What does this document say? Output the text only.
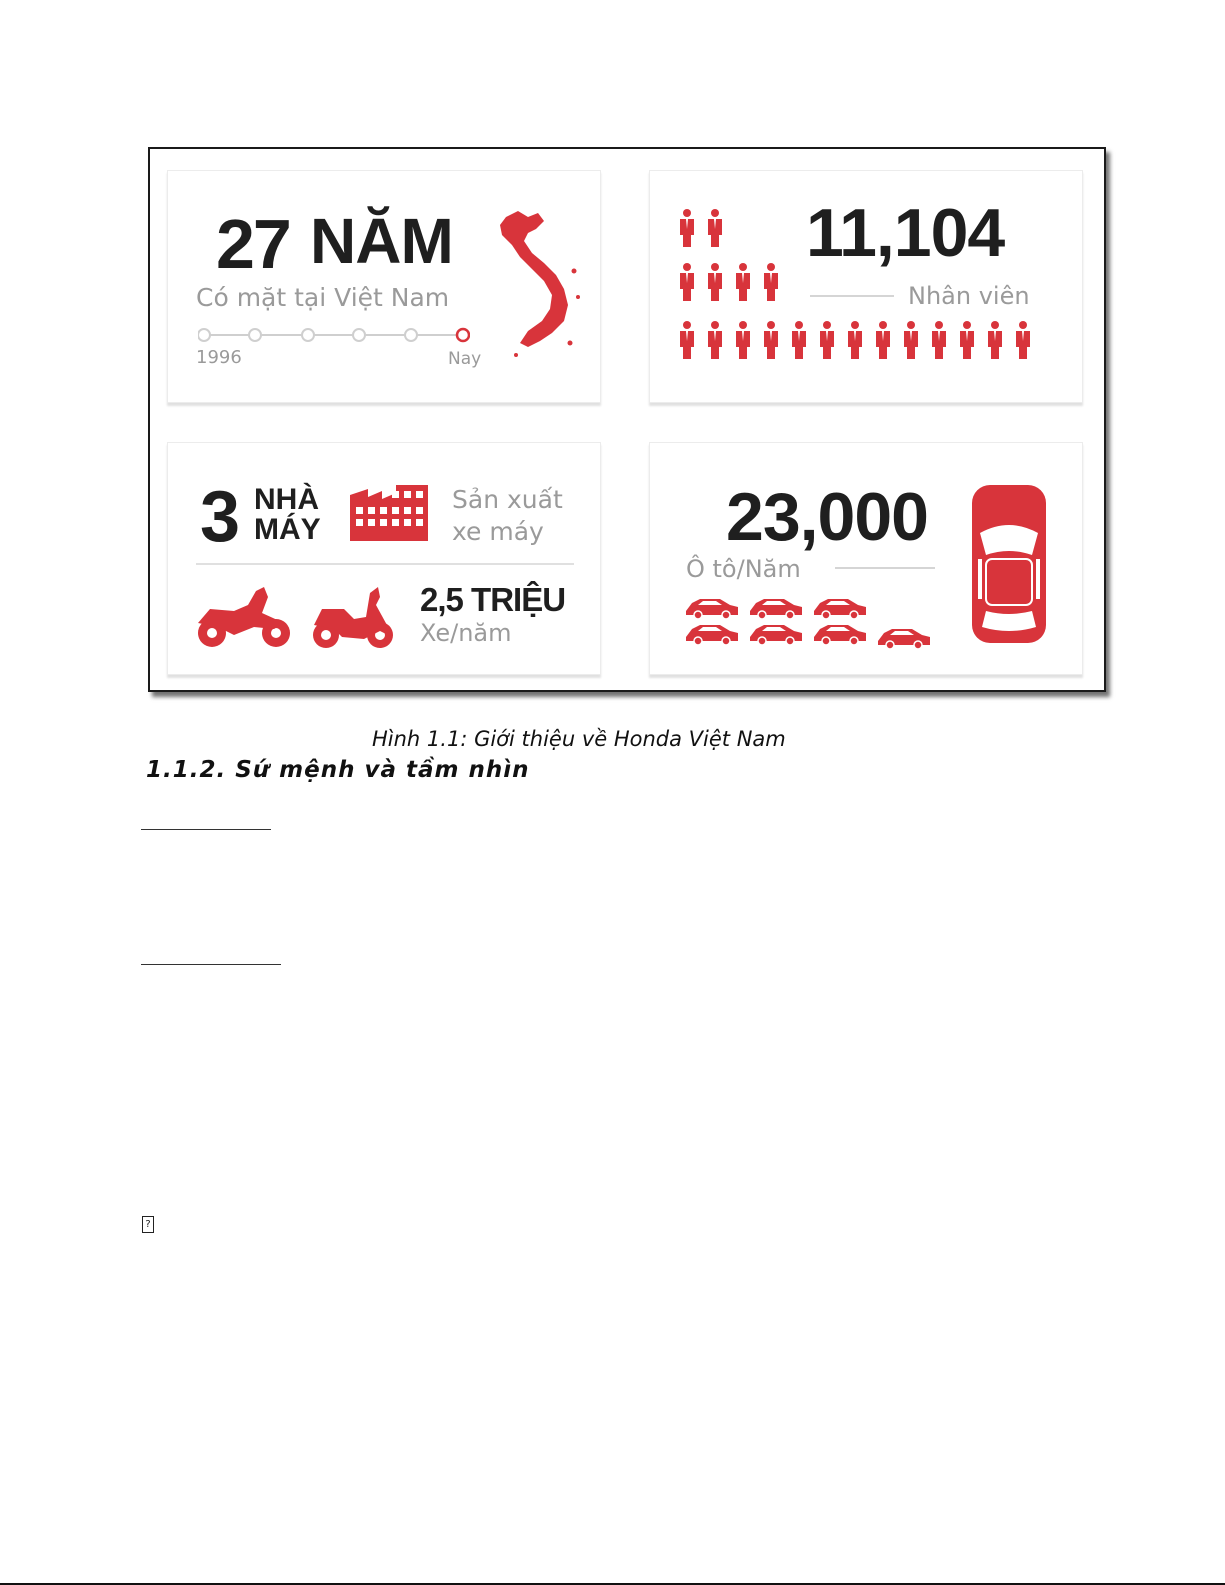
27 NĂM
Có mặt tại Việt Nam
1996	Nay
11,104
Nhân viên
3 NHÀ
MÁY
Sản xuất
xe máy
2,5 TRIỆU
Xe/năm
23,000
Ô tô/Năm
Hình 1.1: Giới thiệu về Honda Việt Nam
1.1.2. Sứ mệnh và tầm nhìn
?
